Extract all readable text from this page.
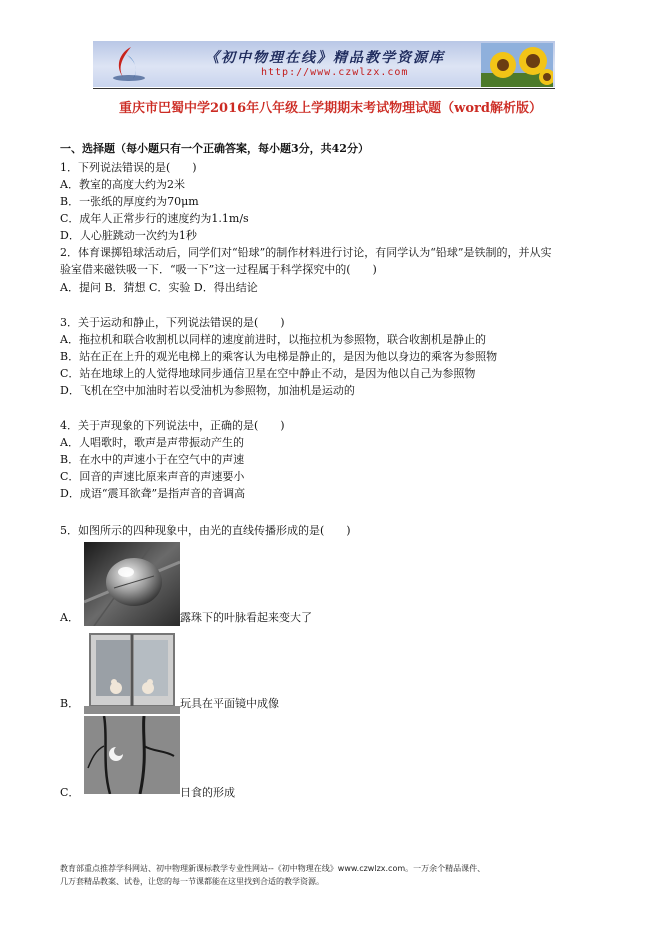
《初中物理在线》精品教学资源库
http://www.czwlzx.com
重庆市巴蜀中学2016年八年级上学期期末考试物理试题（word解析版）
一、选择题（每小题只有一个正确答案，每小题3分，共42分）
1．下列说法错误的是(　　)
A．教室的高度大约为2米
B．一张纸的厚度约为70μm
C．成年人正常步行的速度约为1.1m/s
D．人心脏跳动一次约为1秒
2．体育课掷铅球活动后，同学们对“铅球”的制作材料进行讨论，有同学认为“铅球”是铁制的，并从实
验室借来磁铁吸一下．“吸一下”这一过程属于科学探究中的(　　)
A．提问 B．猜想 C．实验 D．得出结论
3．关于运动和静止，下列说法错误的是(　　)
A．拖拉机和联合收割机以同样的速度前进时，以拖拉机为参照物，联合收割机是静止的
B．站在正在上升的观光电梯上的乘客认为电梯是静止的，是因为他以身边的乘客为参照物
C．站在地球上的人觉得地球同步通信卫星在空中静止不动，是因为他以自己为参照物
D．飞机在空中加油时若以受油机为参照物，加油机是运动的
4．关于声现象的下列说法中，正确的是(　　)
A．人唱歌时，歌声是声带振动产生的
B．在水中的声速小于在空气中的声速
C．回音的声速比原来声音的声速要小
D．成语“震耳欲聋”是指声音的音调高
5．如图所示的四种现象中，由光的直线传播形成的是(　　)
A．	露珠下的叶脉看起来变大了
B．	玩具在平面镜中成像
C．	日食的形成
教育部重点推荐学科网站、初中物理新课标教学专业性网站--《初中物理在线》www.czwlzx.com。一万余个精品课件、
几万套精品教案、试卷，让您的每一节课都能在这里找到合适的教学资源。
